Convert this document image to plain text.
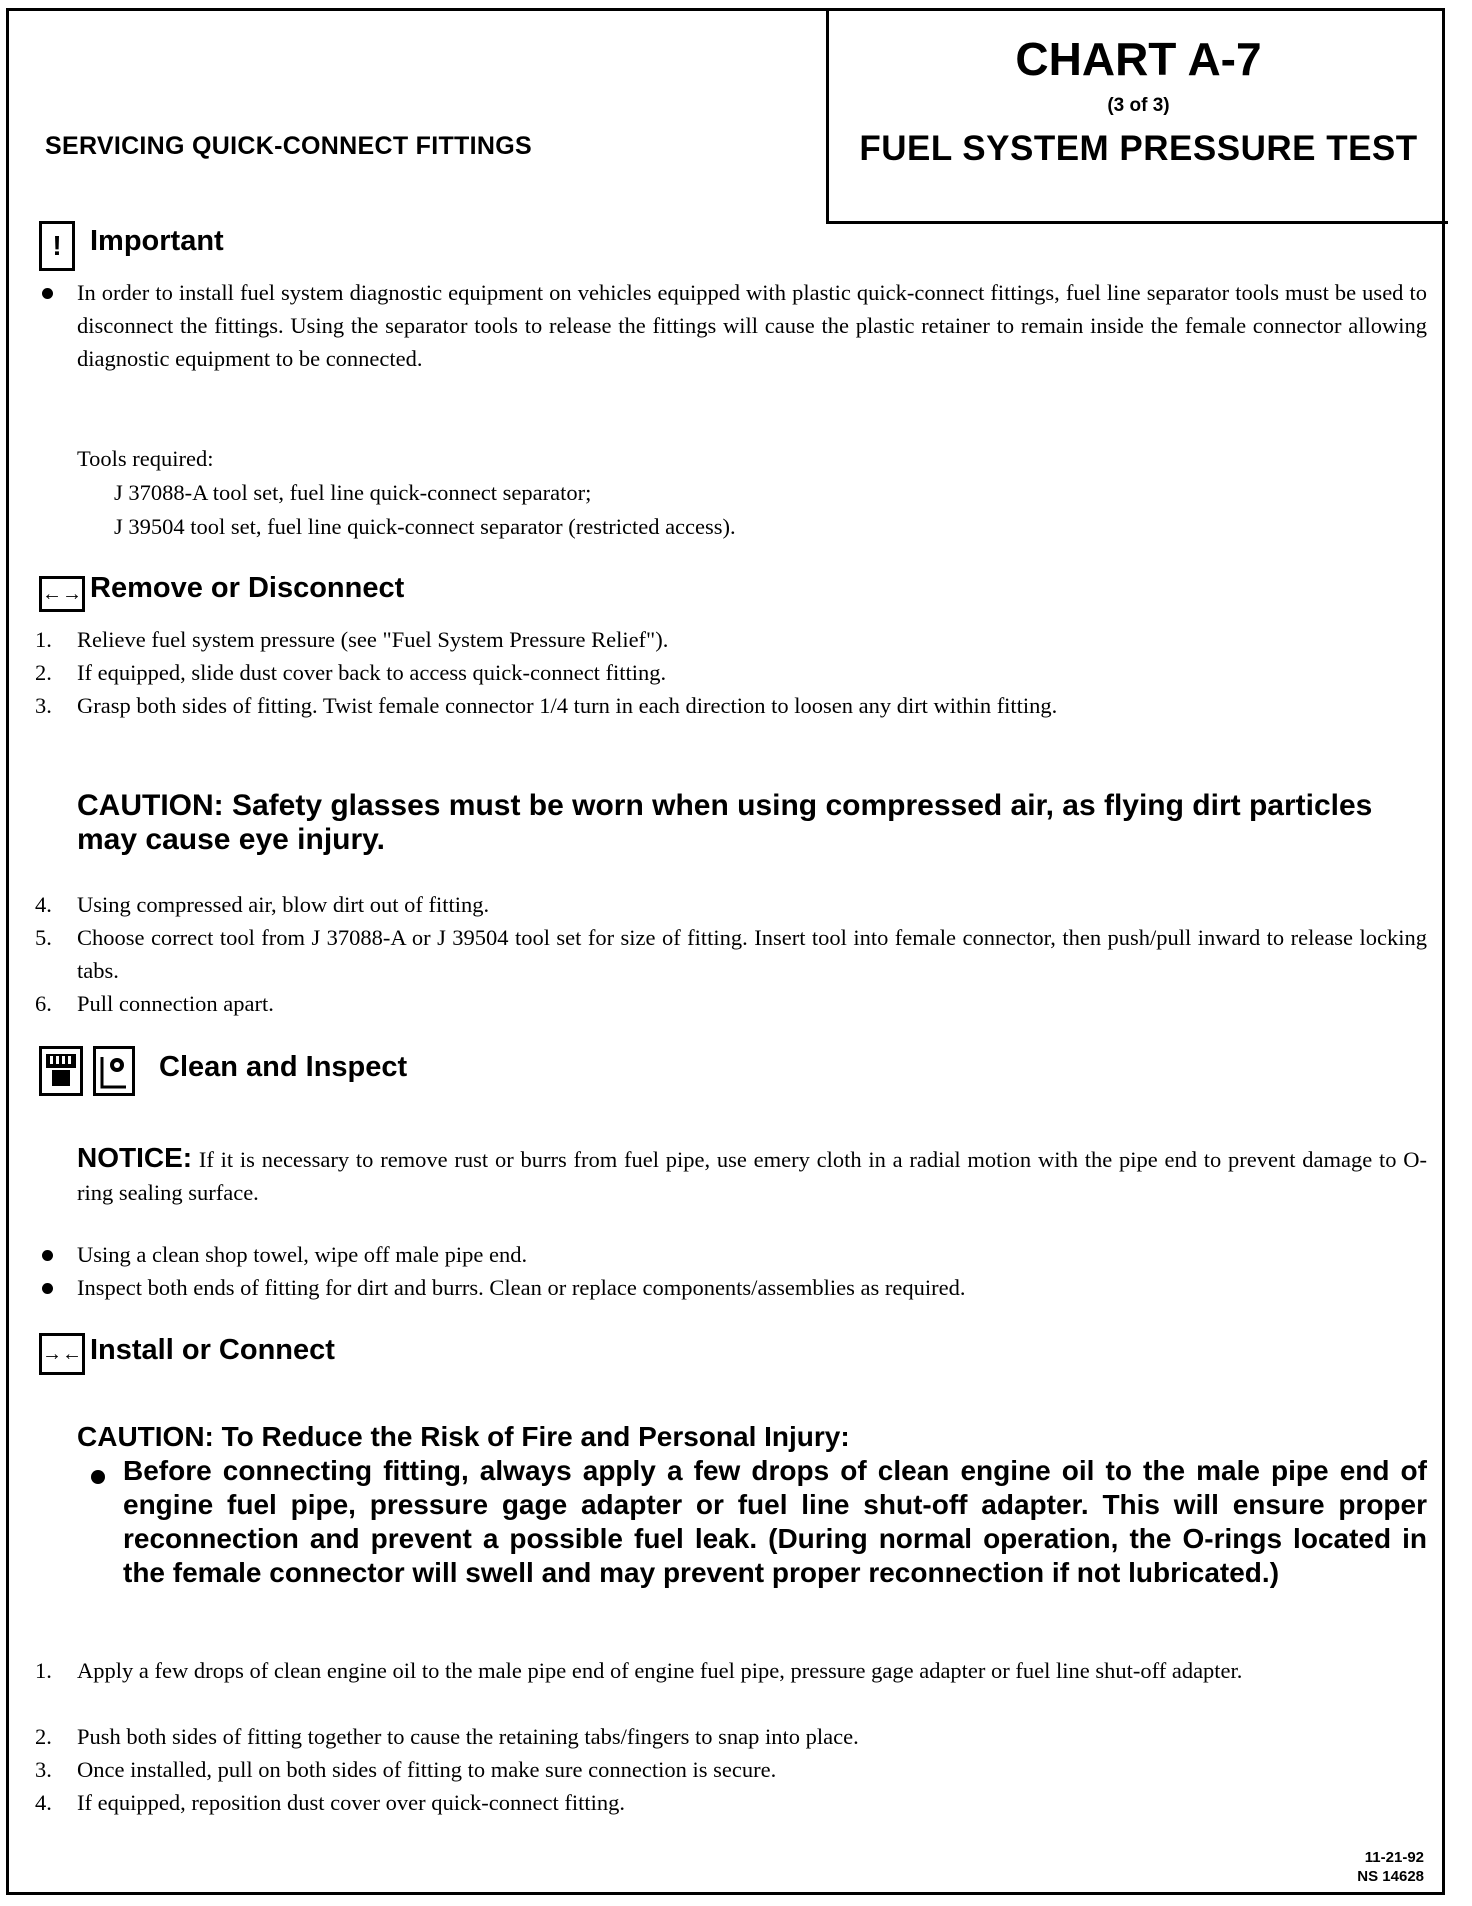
SERVICING QUICK-CONNECT FITTINGS
CHART A-7
(3 of 3)
FUEL SYSTEM PRESSURE TEST
! Important
In order to install fuel system diagnostic equipment on vehicles equipped with plastic quick-connect fittings, fuel line separator tools must be used to disconnect the fittings. Using the separator tools to release the fittings will cause the plastic retainer to remain inside the female connector allowing diagnostic equipment to be connected.
Tools required:
J 37088-A tool set, fuel line quick-connect separator;
J 39504 tool set, fuel line quick-connect separator (restricted access).
←→ Remove or Disconnect
1. Relieve fuel system pressure (see "Fuel System Pressure Relief").
2. If equipped, slide dust cover back to access quick-connect fitting.
3. Grasp both sides of fitting. Twist female connector 1/4 turn in each direction to loosen any dirt within fitting.
CAUTION: Safety glasses must be worn when using compressed air, as flying dirt particles may cause eye injury.
4. Using compressed air, blow dirt out of fitting.
5. Choose correct tool from J 37088-A or J 39504 tool set for size of fitting. Insert tool into female connector, then push/pull inward to release locking tabs.
6. Pull connection apart.
Clean and Inspect
NOTICE: If it is necessary to remove rust or burrs from fuel pipe, use emery cloth in a radial motion with the pipe end to prevent damage to O-ring sealing surface.
Using a clean shop towel, wipe off male pipe end.
Inspect both ends of fitting for dirt and burrs. Clean or replace components/assemblies as required.
→← Install or Connect
CAUTION: To Reduce the Risk of Fire and Personal Injury:
Before connecting fitting, always apply a few drops of clean engine oil to the male pipe end of engine fuel pipe, pressure gage adapter or fuel line shut-off adapter. This will ensure proper reconnection and prevent a possible fuel leak. (During normal operation, the O-rings located in the female connector will swell and may prevent proper reconnection if not lubricated.)
1. Apply a few drops of clean engine oil to the male pipe end of engine fuel pipe, pressure gage adapter or fuel line shut-off adapter.
2. Push both sides of fitting together to cause the retaining tabs/fingers to snap into place.
3. Once installed, pull on both sides of fitting to make sure connection is secure.
4. If equipped, reposition dust cover over quick-connect fitting.
11-21-92
NS 14628
